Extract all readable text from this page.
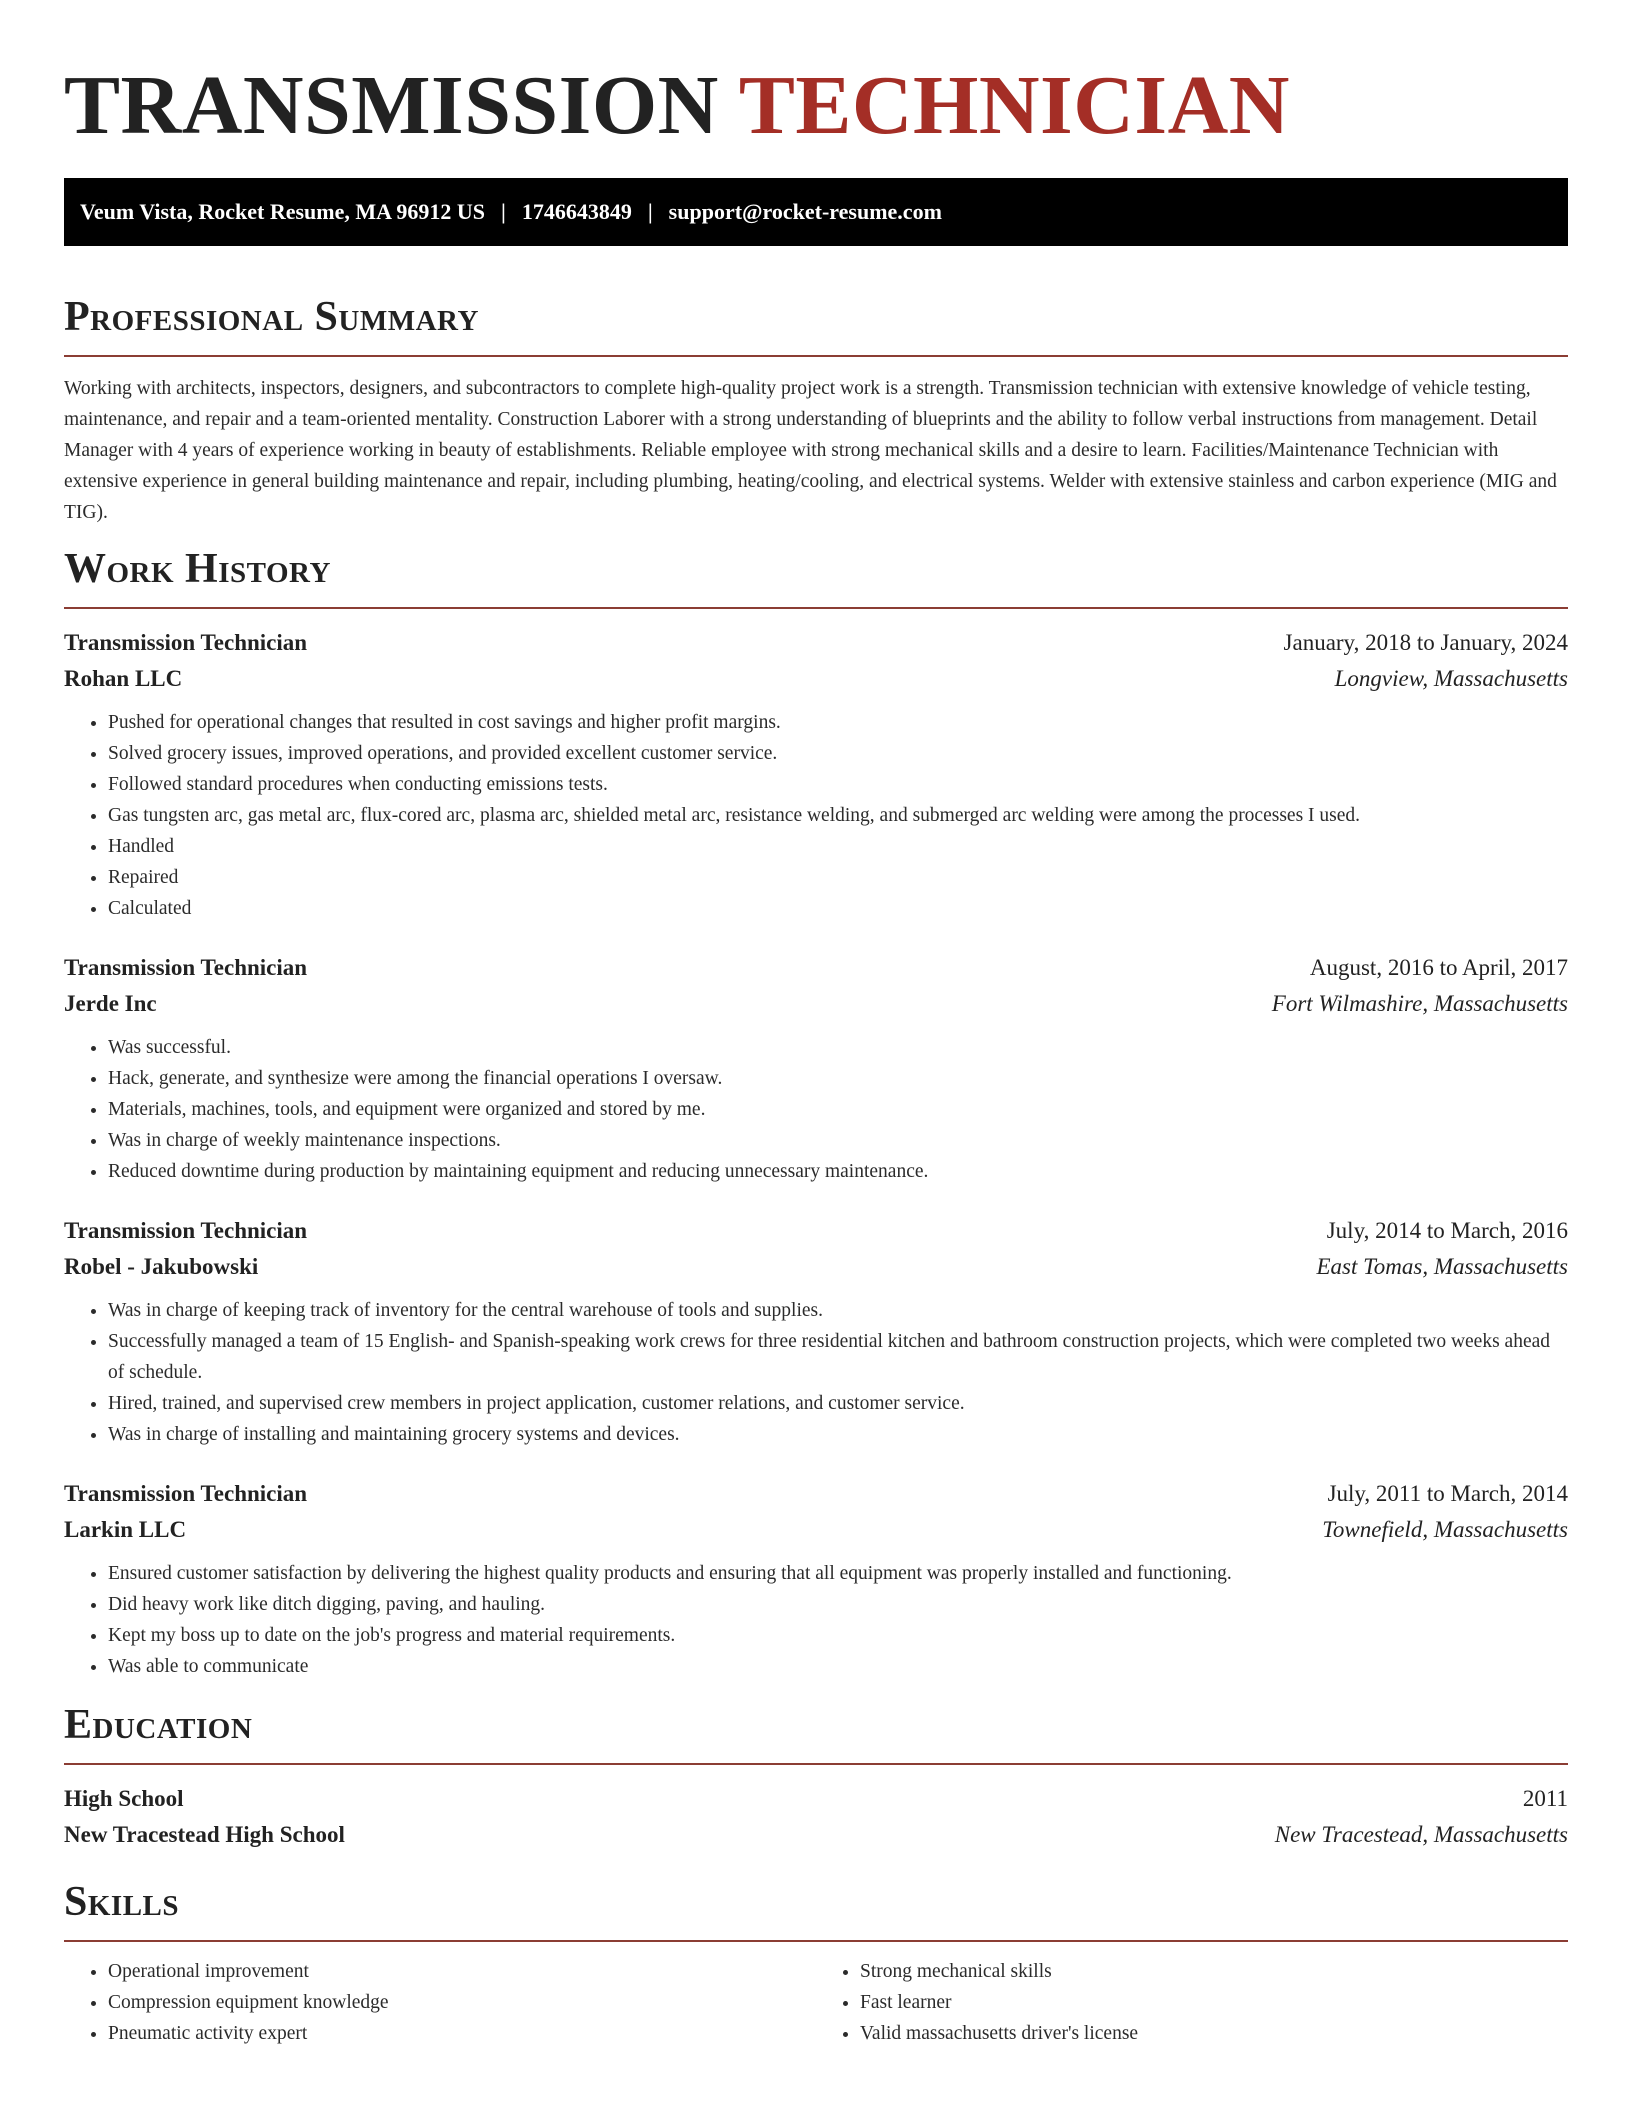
TRANSMISSION TECHNICIAN
Veum Vista, Rocket Resume, MA 96912 US | 1746643849 | support@rocket-resume.com
Professional Summary

Working with architects, inspectors, designers, and subcontractors to complete high-quality project work is a strength. Transmission technician with extensive knowledge of vehicle testing, maintenance, and repair and a team-oriented mentality. Construction Laborer with a strong understanding of blueprints and the ability to follow verbal instructions from management. Detail Manager with 4 years of experience working in beauty of establishments. Reliable employee with strong mechanical skills and a desire to learn. Facilities/Maintenance Technician with extensive experience in general building maintenance and repair, including plumbing, heating/cooling, and electrical systems. Welder with extensive stainless and carbon experience (MIG and TIG).

Work History
Transmission Technician	January, 2018 to January, 2024
Rohan LLC	Longview, Massachusetts
• Pushed for operational changes that resulted in cost savings and higher profit margins.
• Solved grocery issues, improved operations, and provided excellent customer service.
• Followed standard procedures when conducting emissions tests.
• Gas tungsten arc, gas metal arc, flux-cored arc, plasma arc, shielded metal arc, resistance welding, and submerged arc welding were among the processes I used.
• Handled
• Repaired
• Calculated
Transmission Technician	August, 2016 to April, 2017
Jerde Inc	Fort Wilmashire, Massachusetts
• Was successful.
• Hack, generate, and synthesize were among the financial operations I oversaw.
• Materials, machines, tools, and equipment were organized and stored by me.
• Was in charge of weekly maintenance inspections.
• Reduced downtime during production by maintaining equipment and reducing unnecessary maintenance.
Transmission Technician	July, 2014 to March, 2016
Robel - Jakubowski	East Tomas, Massachusetts
• Was in charge of keeping track of inventory for the central warehouse of tools and supplies.
• Successfully managed a team of 15 English- and Spanish-speaking work crews for three residential kitchen and bathroom construction projects, which were completed two weeks ahead of schedule.
• Hired, trained, and supervised crew members in project application, customer relations, and customer service.
• Was in charge of installing and maintaining grocery systems and devices.
Transmission Technician	July, 2011 to March, 2014
Larkin LLC	Townefield, Massachusetts
• Ensured customer satisfaction by delivering the highest quality products and ensuring that all equipment was properly installed and functioning.
• Did heavy work like ditch digging, paving, and hauling.
• Kept my boss up to date on the job's progress and material requirements.
• Was able to communicate
Education
High School	2011
New Tracestead High School	New Tracestead, Massachusetts
Skills
• Operational improvement
• Compression equipment knowledge
• Pneumatic activity expert
• Strong mechanical skills
• Fast learner
• Valid massachusetts driver's license
